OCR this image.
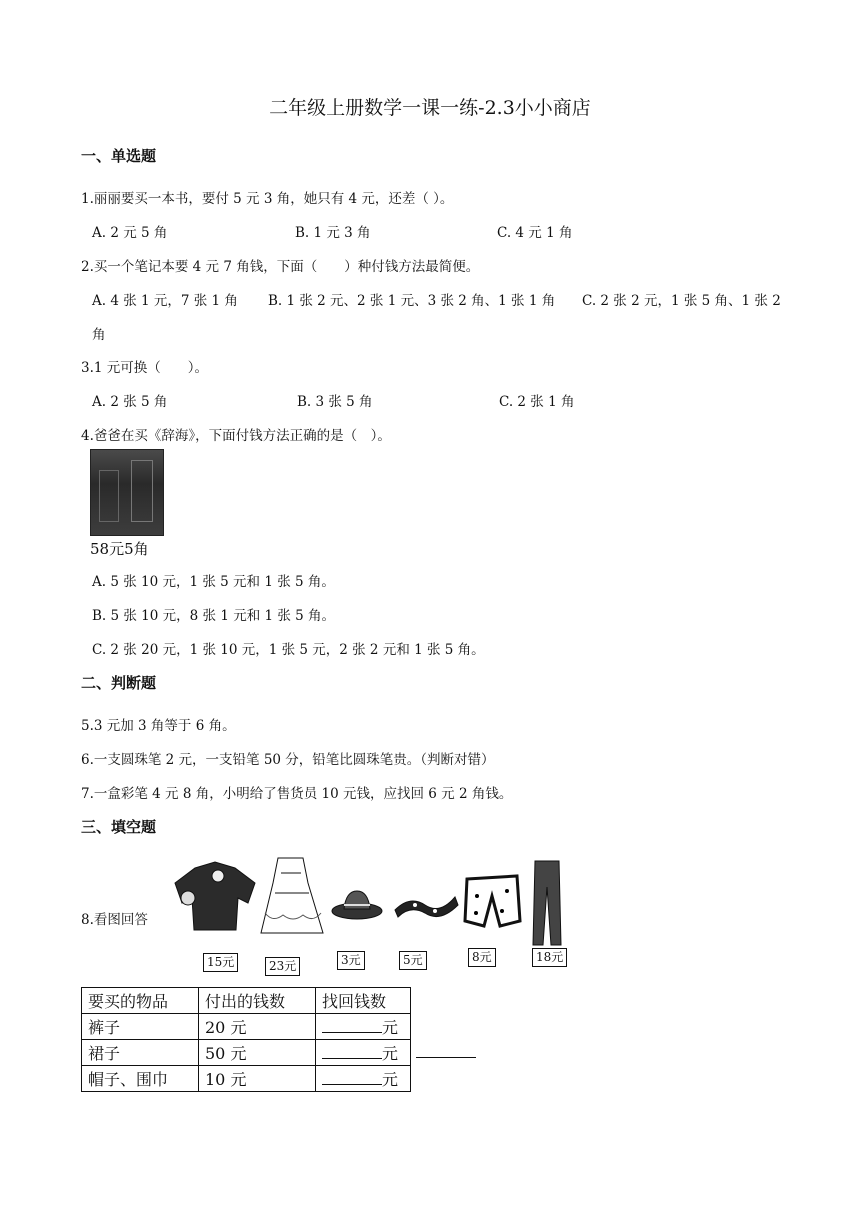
二年级上册数学一课一练-2.3小小商店
一、单选题
1.丽丽要买一本书，要付 5 元 3 角，她只有 4 元，还差（ ）。
A. 2 元 5 角	B. 1 元 3 角	C. 4 元 1 角
2.买一个笔记本要 4 元 7 角钱，下面（　　）种付钱方法最简便。
A. 4 张 1 元，7 张 1 角 B. 1 张 2 元、2 张 1 元、3 张 2 角、1 张 1 角 C. 2 张 2 元，1 张 5 角、1 张 2
角
3.1 元可换（　　）。
A. 2 张 5 角	B. 3 张 5 角	C. 2 张 1 角
4.爸爸在买《辞海》，下面付钱方法正确的是（　）。
58元5角
A. 5 张 10 元，1 张 5 元和 1 张 5 角。
B. 5 张 10 元，8 张 1 元和 1 张 5 角。
C. 2 张 20 元，1 张 10 元，1 张 5 元，2 张 2 元和 1 张 5 角。
二、判断题
5.3 元加 3 角等于 6 角。
6.一支圆珠笔 2 元，一支铅笔 50 分，铅笔比圆珠笔贵。（判断对错）
7.一盒彩笔 4 元 8 角，小明给了售货员 10 元钱，应找回 6 元 2 角钱。
三、填空题
8.看图回答
15元	23元	3元	5元	8元	18元
要买的物品	付出的钱数	找回钱数
裤子	20 元	元
裙子	50 元	元
帽子、围巾	10 元	元
